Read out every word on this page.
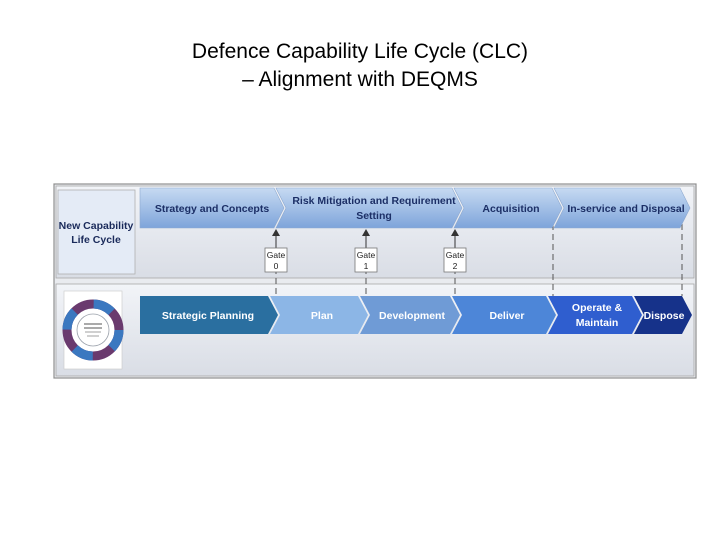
Defence Capability Life Cycle (CLC)
– Alignment with DEQMS
New Capability
Life Cycle
Strategy and Concepts
Risk Mitigation and Requirement
Setting
Acquisition	In-service and Disposal
Gate
0
Gate
1
Gate
2
Strategic Planning	Plan	Development	Deliver
Operate &
Maintain
Dispose
